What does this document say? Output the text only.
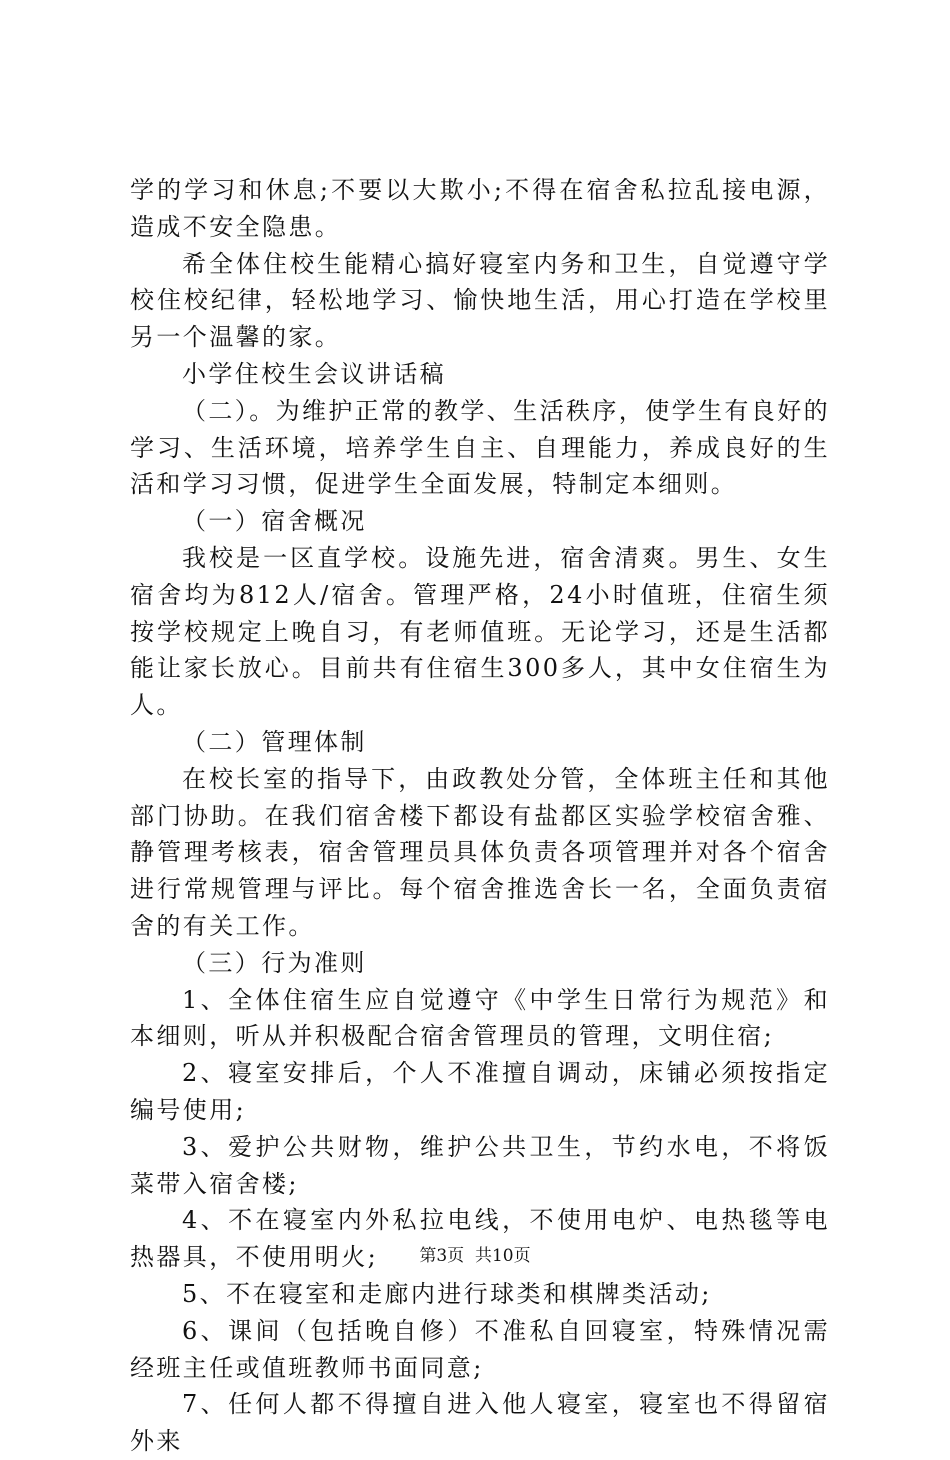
学的学习和休息;不要以大欺小;不得在宿舍私拉乱接电源，造成不安全隐患。

希全体住校生能精心搞好寝室内务和卫生，自觉遵守学校住校纪律，轻松地学习、愉快地生活，用心打造在学校里另一个温馨的家。

小学住校生会议讲话稿

（二）。为维护正常的教学、生活秩序，使学生有良好的学习、生活环境，培养学生自主、自理能力，养成良好的生活和学习习惯，促进学生全面发展，特制定本细则。

（一）宿舍概况

我校是一区直学校。设施先进，宿舍清爽。男生、女生宿舍均为812人/宿舍。管理严格，24小时值班，住宿生须按学校规定上晚自习，有老师值班。无论学习，还是生活都能让家长放心。目前共有住宿生300多人，其中女住宿生为人。

（二）管理体制

在校长室的指导下，由政教处分管，全体班主任和其他部门协助。在我们宿舍楼下都设有盐都区实验学校宿舍雅、静管理考核表，宿舍管理员具体负责各项管理并对各个宿舍进行常规管理与评比。每个宿舍推选舍长一名，全面负责宿舍的有关工作。

（三）行为准则

1、全体住宿生应自觉遵守《中学生日常行为规范》和本细则，听从并积极配合宿舍管理员的管理，文明住宿;

2、寝室安排后，个人不准擅自调动，床铺必须按指定编号使用;

3、爱护公共财物，维护公共卫生，节约水电，不将饭菜带入宿舍楼;

4、不在寝室内外私拉电线，不使用电炉、电热毯等电热器具，不使用明火;

5、不在寝室和走廊内进行球类和棋牌类活动;

6、课间（包括晚自修）不准私自回寝室，特殊情况需经班主任或值班教师书面同意;

7、任何人都不得擅自进入他人寝室，寝室也不得留宿外来

第3页  共10页
